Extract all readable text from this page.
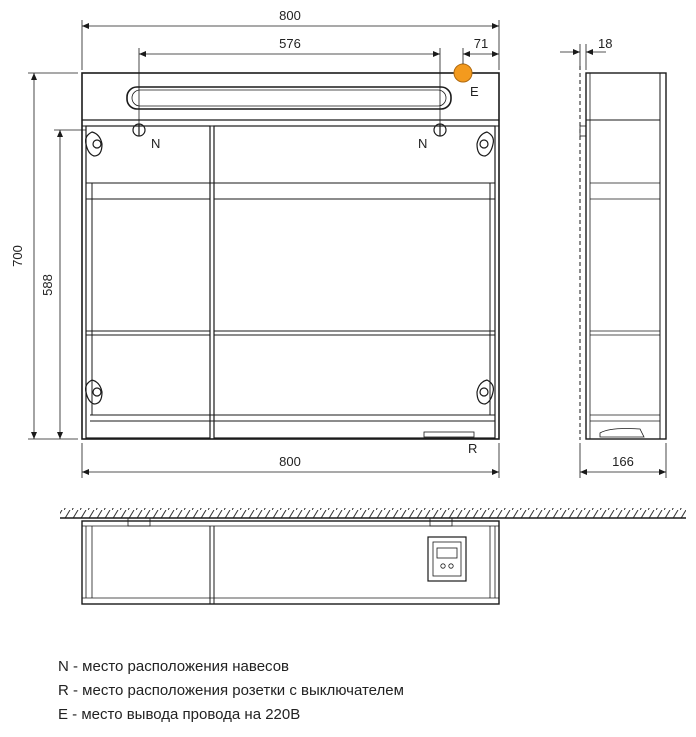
800
576	71
700
588
800
N	N
R
E
18
166
N - место расположения навесов
R - место расположения розетки с выключателем
E - место вывода провода на 220В
